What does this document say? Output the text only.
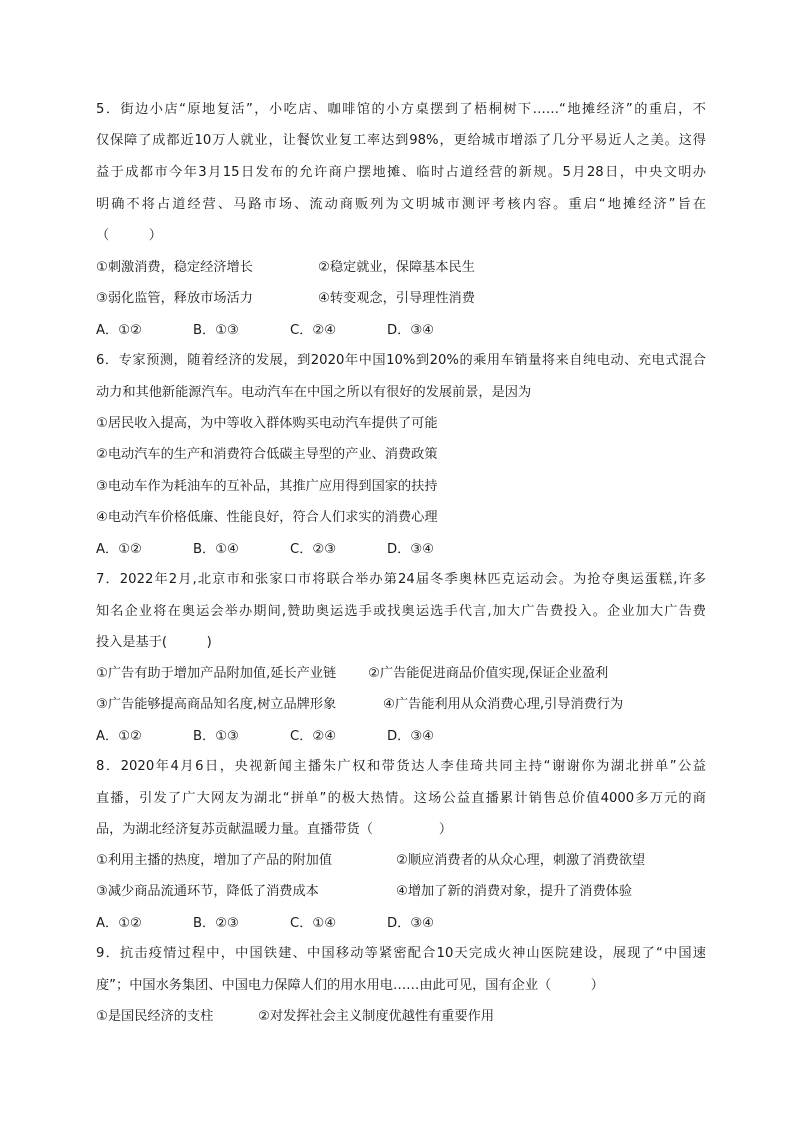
5．街边小店“原地复活”，小吃店、咖啡馆的小方桌摆到了梧桐树下……“地摊经济”的重启，不
仅保障了成都近10万人就业，让餐饮业复工率达到98%，更给城市增添了几分平易近人之美。这得
益于成都市今年3月15日发布的允许商户摆地摊、临时占道经营的新规。5月28日，中央文明办
明确不将占道经营、马路市场、流动商贩列为文明城市测评考核内容。重启“地摊经济”旨在
（　　　）
①刺激消费，稳定经济增长	②稳定就业，保障基本民生
③弱化监管，释放市场活力	④转变观念，引导理性消费
A．①②	B．①③	C．②④	D．③④
6．专家预测，随着经济的发展，到2020年中国10%到20%的乘用车销量将来自纯电动、充电式混合
动力和其他新能源汽车。电动汽车在中国之所以有很好的发展前景，是因为
①居民收入提高，为中等收入群体购买电动汽车提供了可能
②电动汽车的生产和消费符合低碳主导型的产业、消费政策
③电动车作为耗油车的互补品，其推广应用得到国家的扶持
④电动汽车价格低廉、性能良好，符合人们求实的消费心理
A．①②	B．①④	C．②③	D．③④
7．2022年2月,北京市和张家口市将联合举办第24届冬季奥林匹克运动会。为抢夺奥运蛋糕,许多
知名企业将在奥运会举办期间,赞助奥运选手或找奥运选手代言,加大广告费投入。企业加大广告费
投入是基于(　　　)
①广告有助于增加产品附加值,延长产业链 ②广告能促进商品价值实现,保证企业盈利
③广告能够提高商品知名度,树立品牌形象	④广告能利用从众消费心理,引导消费行为
A．①②	B．①③	C．②④	D．③④
8．2020年4月6日，央视新闻主播朱广权和带货达人李佳琦共同主持“谢谢你为湖北拼单”公益
直播，引发了广大网友为湖北“拼单”的极大热情。这场公益直播累计销售总价值4000多万元的商
品，为湖北经济复苏贡献温暖力量。直播带货（　　　　　）
①利用主播的热度，增加了产品的附加值	②顺应消费者的从众心理，刺激了消费欲望
③减少商品流通环节，降低了消费成本	④增加了新的消费对象，提升了消费体验
A．①②	B．②③	C．①④	D．③④
9．抗击疫情过程中，中国铁建、中国移动等紧密配合10天完成火神山医院建设，展现了“中国速
度”；中国水务集团、中国电力保障人们的用水用电……由此可见，国有企业（　　　）
①是国民经济的支柱	②对发挥社会主义制度优越性有重要作用
